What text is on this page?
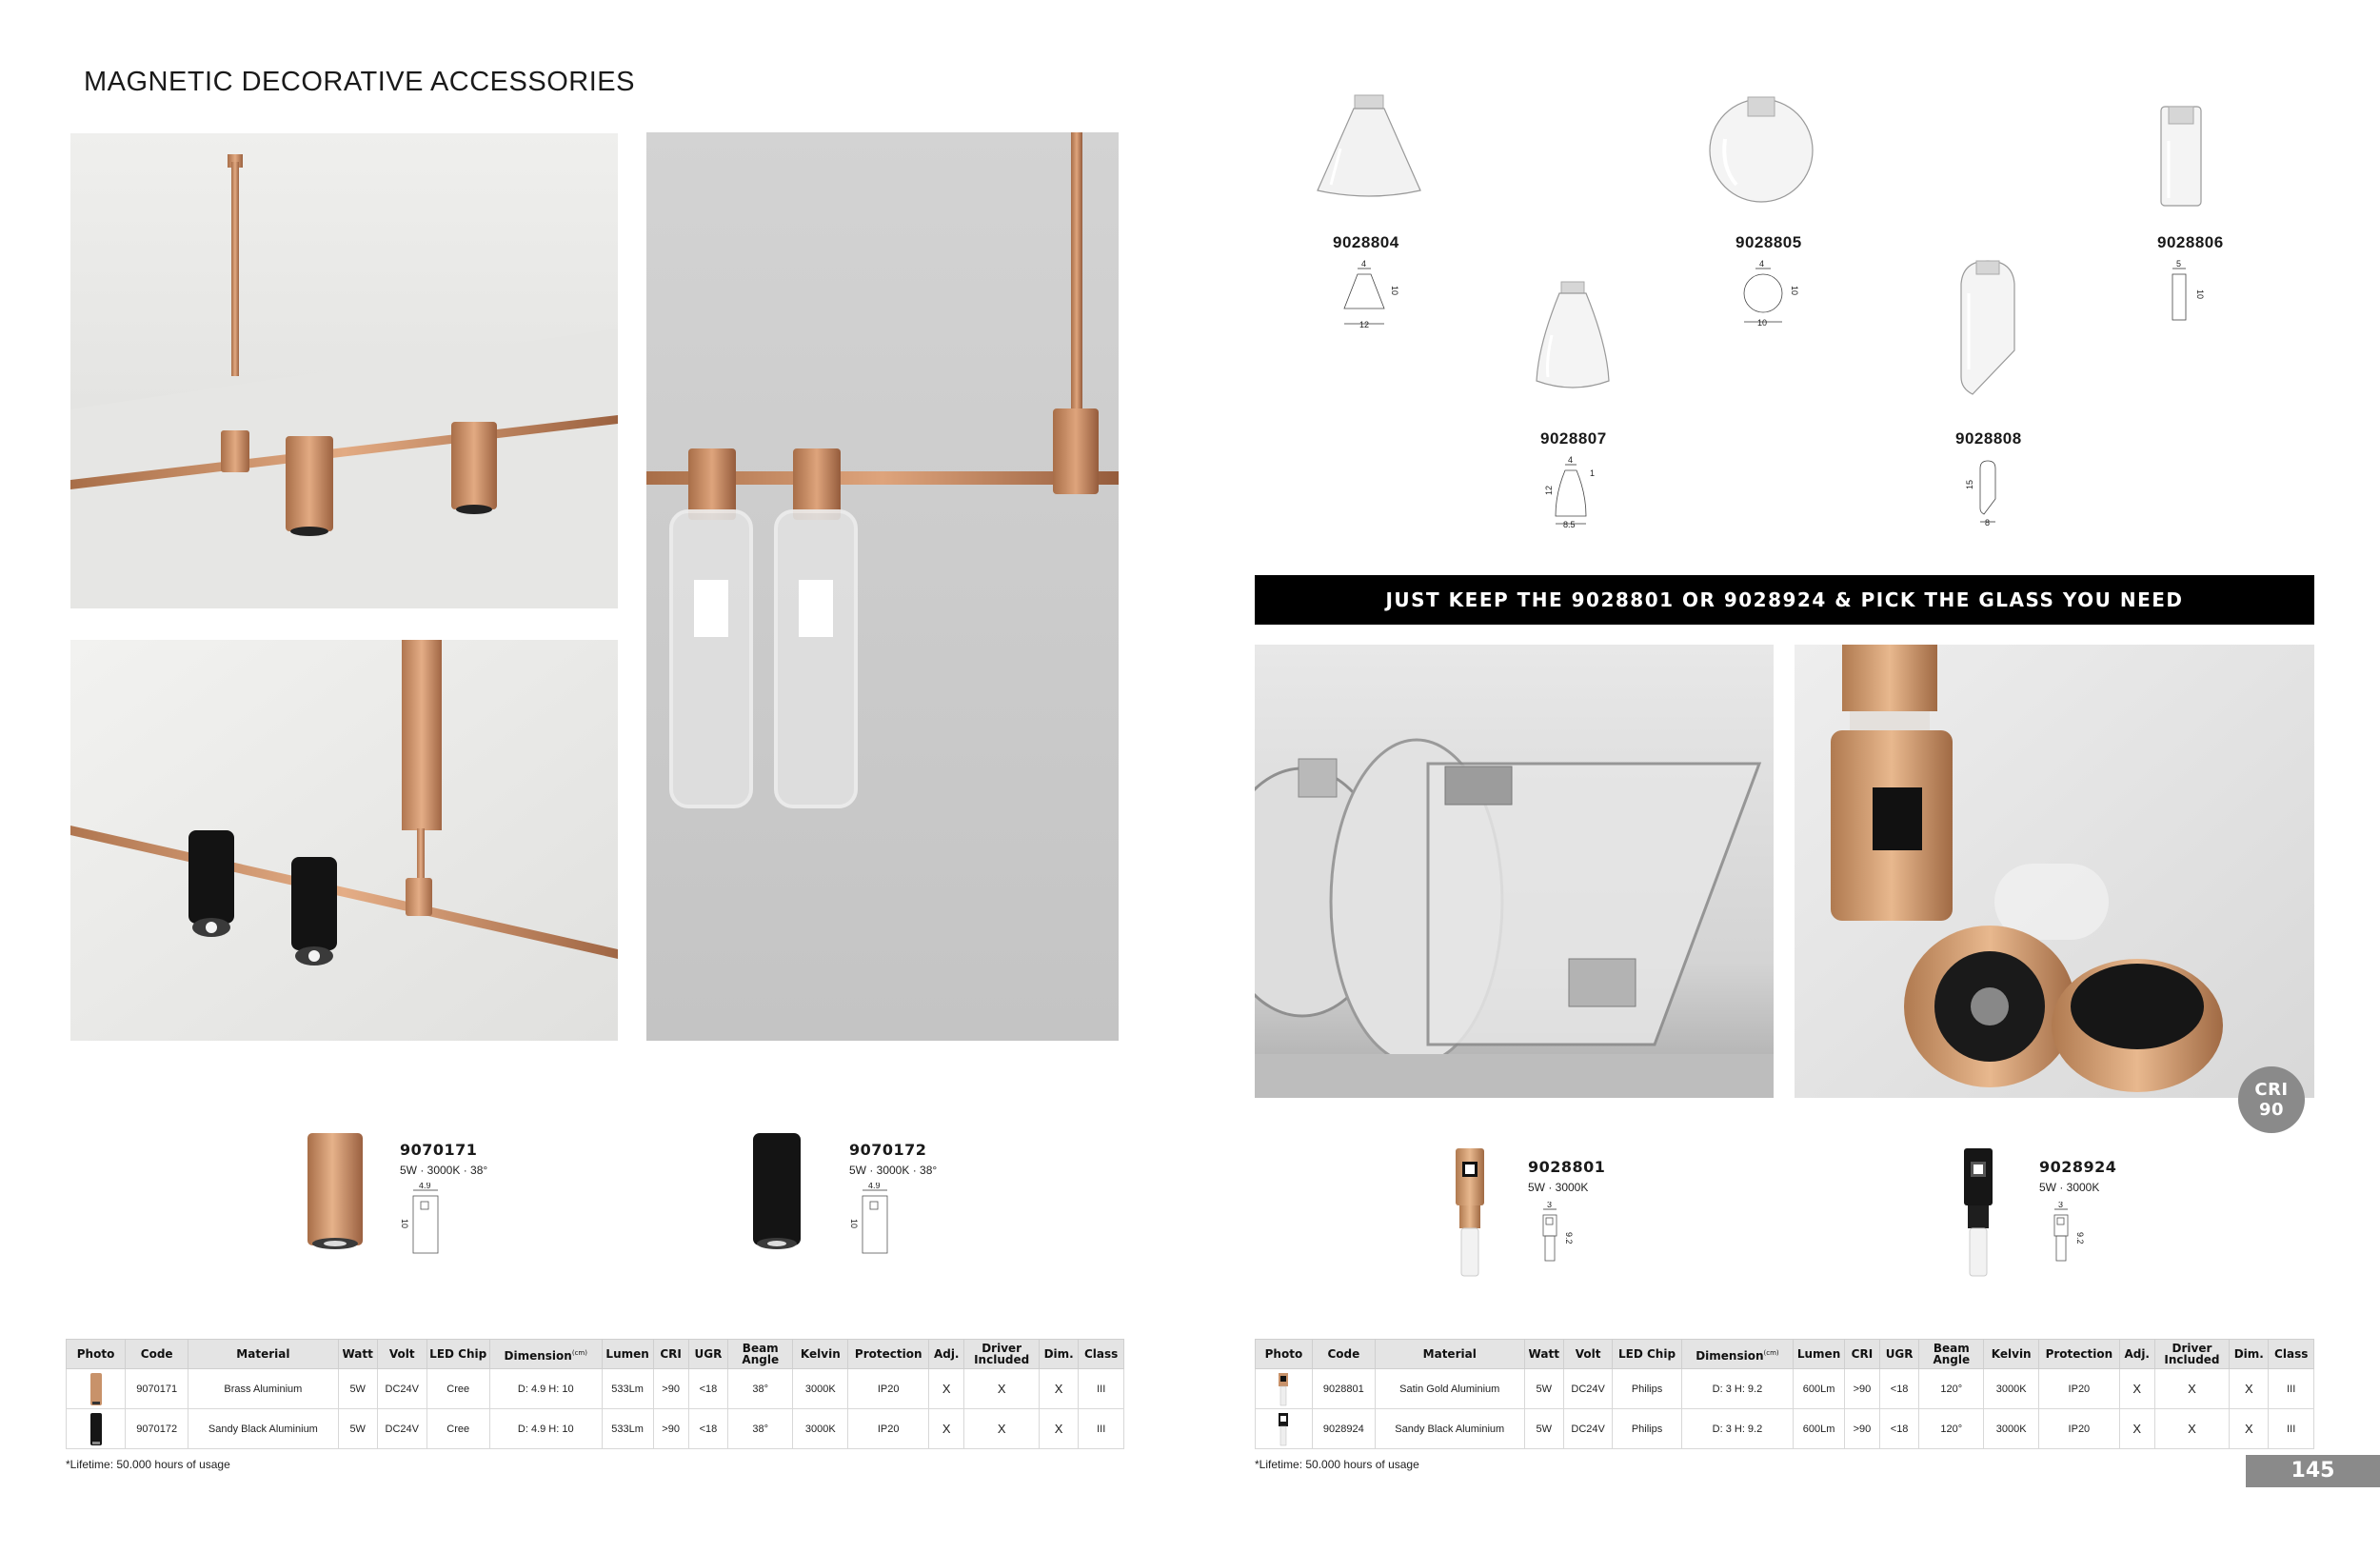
MAGNETIC DECORATIVE ACCESSORIES
9070171
5W · 3000K · 38°
4.9
10
9070172
5W · 3000K · 38°
4.9
10
Photo	Code	Material	Watt	Volt	LED Chip	Dimension$^{(cm)}$	Lumen	CRI	UGR	Beam Angle	Kelvin	Protection	Adj.	Driver Included	Dim.	Class

	9070171	Brass Aluminium	5W	DC24V	Cree	D: 4.9 H: 10	533Lm	>90	<18	38°	3000K	IP20	X	X	X	III

	9070172	Sandy Black Aluminium	5W	DC24V	Cree	D: 4.9 H: 10	533Lm	>90	<18	38°	3000K	IP20	X	X	X	III
*Lifetime: 50.000 hours of usage
9028804
4
10
12
9028805
4
10
10
9028806
5
10
9028807
4
12
1
8.5
9028808
15
8
JUST KEEP THE 9028801 OR 9028924 & PICK THE GLASS YOU NEED
CRI
90
9028801
5W · 3000K
3
9.2
9028924
5W · 3000K
3
9.2
Photo	Code	Material	Watt	Volt	LED Chip	Dimension$^{(cm)}$	Lumen	CRI	UGR	Beam Angle	Kelvin	Protection	Adj.	Driver Included	Dim.	Class

	9028801	Satin Gold Aluminium	5W	DC24V	Philips	D: 3 H: 9.2	600Lm	>90	<18	120°	3000K	IP20	X	X	X	III

	9028924	Sandy Black Aluminium	5W	DC24V	Philips	D: 3 H: 9.2	600Lm	>90	<18	120°	3000K	IP20	X	X	X	III
*Lifetime: 50.000 hours of usage	145
